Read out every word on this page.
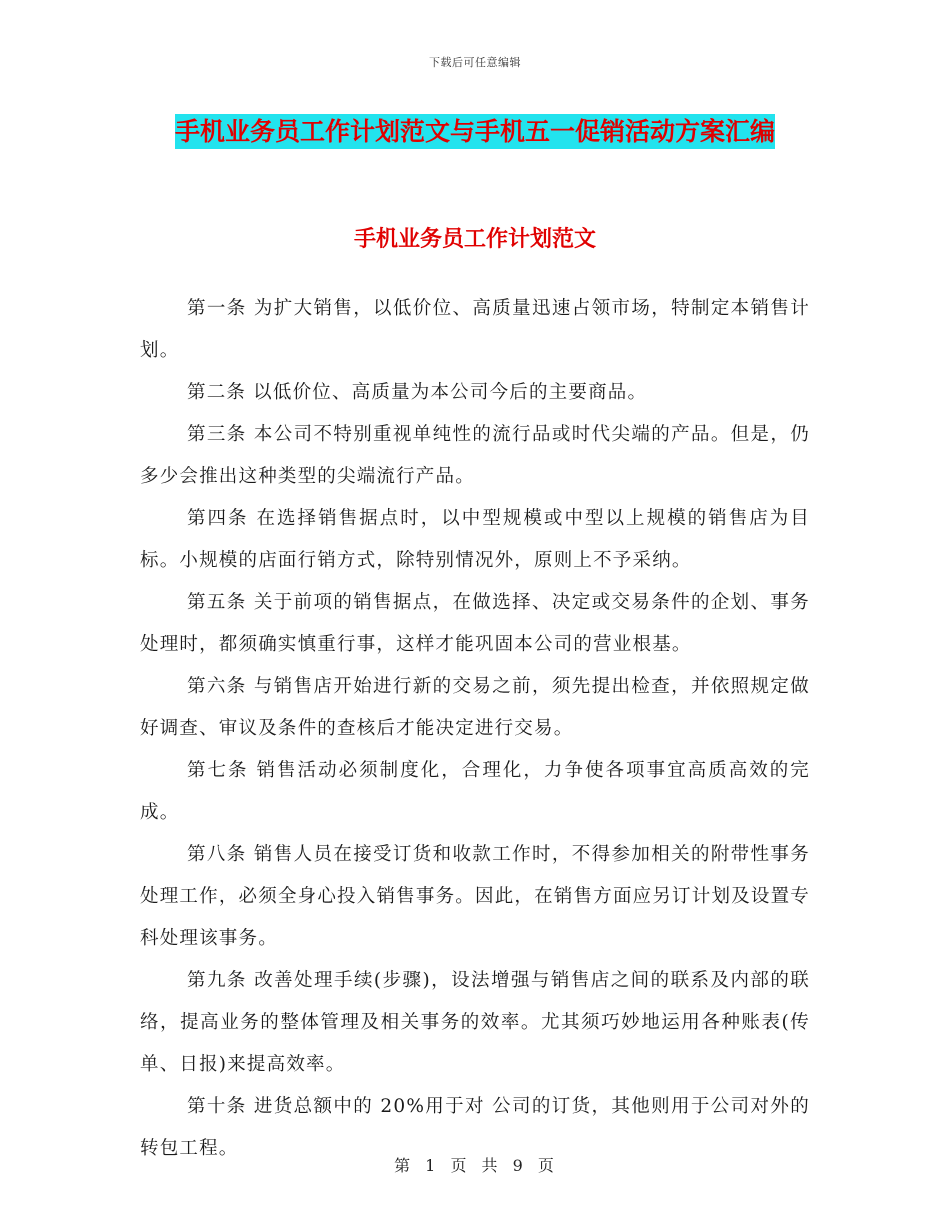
下载后可任意编辑
手机业务员工作计划范文与手机五一促销活动方案汇编
手机业务员工作计划范文

第一条 为扩大销售，以低价位、高质量迅速占领市场，特制定本销售计划。

第二条 以低价位、高质量为本公司今后的主要商品。

第三条 本公司不特别重视单纯性的流行品或时代尖端的产品。但是，仍多少会推出这种类型的尖端流行产品。

第四条 在选择销售据点时，以中型规模或中型以上规模的销售店为目标。小规模的店面行销方式，除特别情况外，原则上不予采纳。

第五条 关于前项的销售据点，在做选择、决定或交易条件的企划、事务处理时，都须确实慎重行事，这样才能巩固本公司的营业根基。

第六条 与销售店开始进行新的交易之前，须先提出检查，并依照规定做好调查、审议及条件的查核后才能决定进行交易。

第七条 销售活动必须制度化，合理化，力争使各项事宜高质高效的完成。

第八条 销售人员在接受订货和收款工作时，不得参加相关的附带性事务处理工作，必须全身心投入销售事务。因此，在销售方面应另订计划及设置专科处理该事务。

第九条 改善处理手续(步骤)，设法增强与销售店之间的联系及内部的联络，提高业务的整体管理及相关事务的效率。尤其须巧妙地运用各种账表(传单、日报)来提高效率。

第十条 进货总额中的 20%用于对 公司的订货，其他则用于公司对外的转包工程。

第 1 页 共 9 页
